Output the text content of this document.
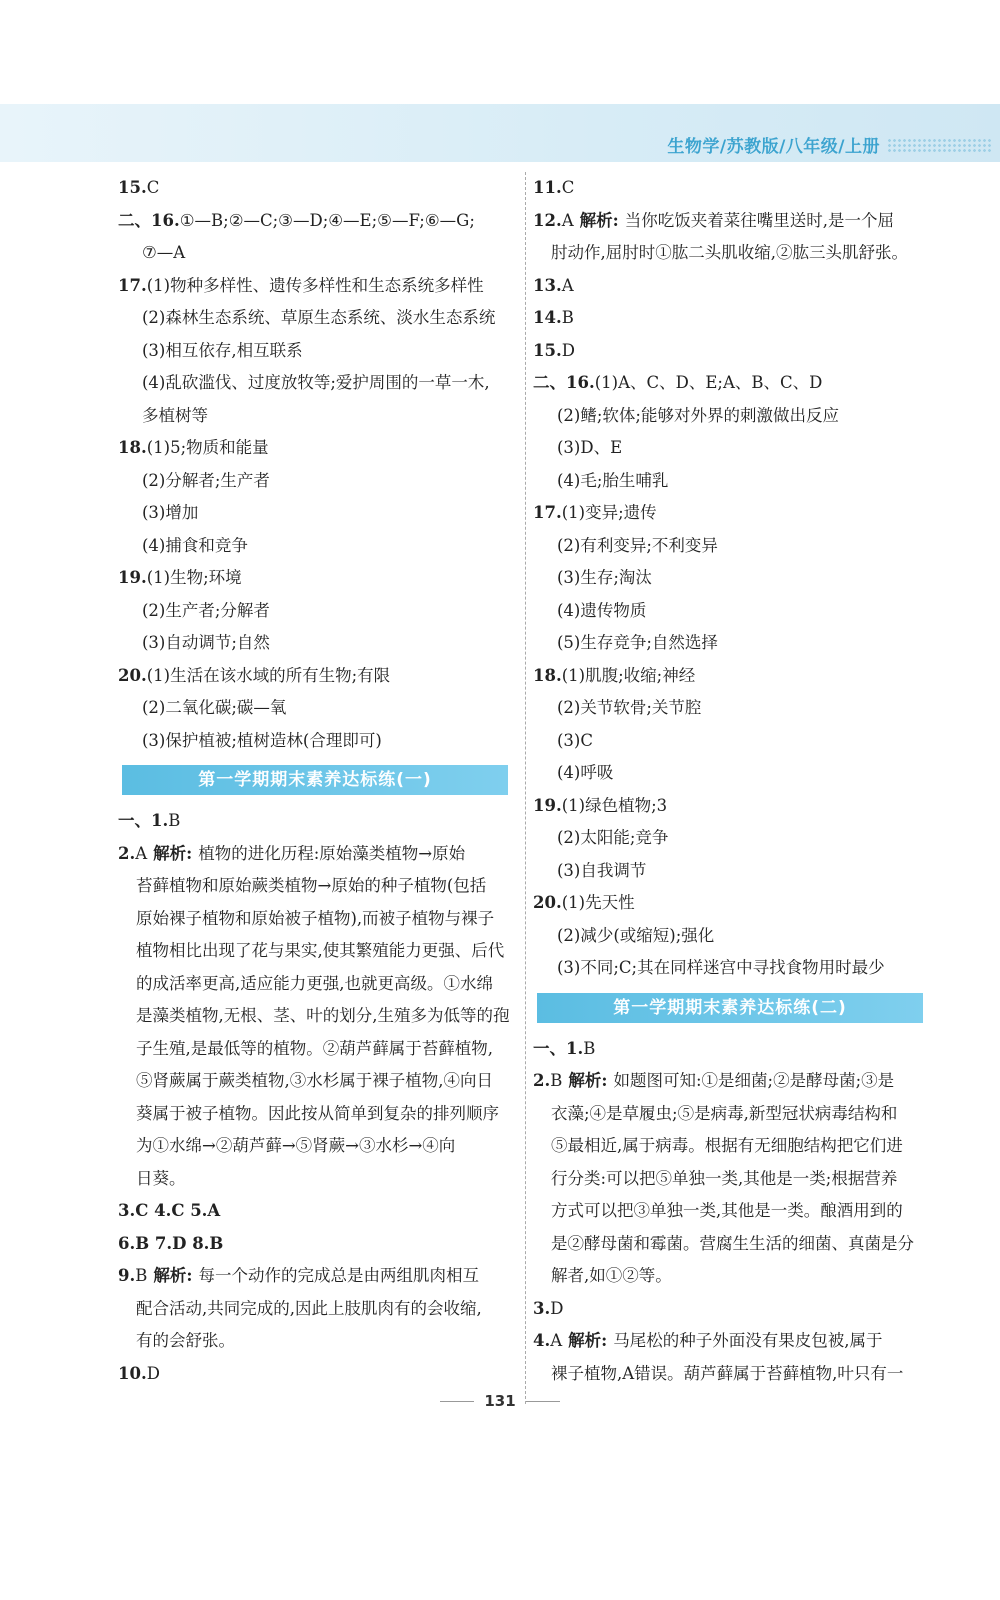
生物学/苏教版/八年级/上册
15.C
二、16.①—B;②—C;③—D;④—E;⑤—F;⑥—G;
⑦—A
17.(1)物种多样性、遗传多样性和生态系统多样性
(2)森林生态系统、草原生态系统、淡水生态系统
(3)相互依存,相互联系
(4)乱砍滥伐、过度放牧等;爱护周围的一草一木,
多植树等
18.(1)5;物质和能量
(2)分解者;生产者
(3)增加
(4)捕食和竞争
19.(1)生物;环境
(2)生产者;分解者
(3)自动调节;自然
20.(1)生活在该水域的所有生物;有限
(2)二氧化碳;碳—氧
(3)保护植被;植树造林(合理即可)
第一学期期末素养达标练(一)
一、1.B
2.A 解析: 植物的进化历程:原始藻类植物→原始
苔藓植物和原始蕨类植物→原始的种子植物(包括
原始裸子植物和原始被子植物),而被子植物与裸子
植物相比出现了花与果实,使其繁殖能力更强、后代
的成活率更高,适应能力更强,也就更高级。①水绵
是藻类植物,无根、茎、叶的划分,生殖多为低等的孢
子生殖,是最低等的植物。②葫芦藓属于苔藓植物,
⑤肾蕨属于蕨类植物,③水杉属于裸子植物,④向日
葵属于被子植物。因此按从简单到复杂的排列顺序
为①水绵→②葫芦藓→⑤肾蕨→③水杉→④向
日葵。
3.C 4.C 5.A
6.B 7.D 8.B
9.B 解析: 每一个动作的完成总是由两组肌肉相互
配合活动,共同完成的,因此上肢肌肉有的会收缩,
有的会舒张。
10.D
11.C
12.A 解析: 当你吃饭夹着菜往嘴里送时,是一个屈
肘动作,屈肘时①肱二头肌收缩,②肱三头肌舒张。
13.A
14.B
15.D
二、16.(1)A、C、D、E;A、B、C、D
(2)鳍;软体;能够对外界的刺激做出反应
(3)D、E
(4)毛;胎生哺乳
17.(1)变异;遗传
(2)有利变异;不利变异
(3)生存;淘汰
(4)遗传物质
(5)生存竞争;自然选择
18.(1)肌腹;收缩;神经
(2)关节软骨;关节腔
(3)C
(4)呼吸
19.(1)绿色植物;3
(2)太阳能;竞争
(3)自我调节
20.(1)先天性
(2)减少(或缩短);强化
(3)不同;C;其在同样迷宫中寻找食物用时最少
第一学期期末素养达标练(二)
一、1.B
2.B 解析: 如题图可知:①是细菌;②是酵母菌;③是
衣藻;④是草履虫;⑤是病毒,新型冠状病毒结构和
⑤最相近,属于病毒。根据有无细胞结构把它们进
行分类:可以把⑤单独一类,其他是一类;根据营养
方式可以把③单独一类,其他是一类。酿酒用到的
是②酵母菌和霉菌。营腐生生活的细菌、真菌是分
解者,如①②等。
3.D
4.A 解析: 马尾松的种子外面没有果皮包被,属于
裸子植物,A错误。葫芦藓属于苔藓植物,叶只有一
131
